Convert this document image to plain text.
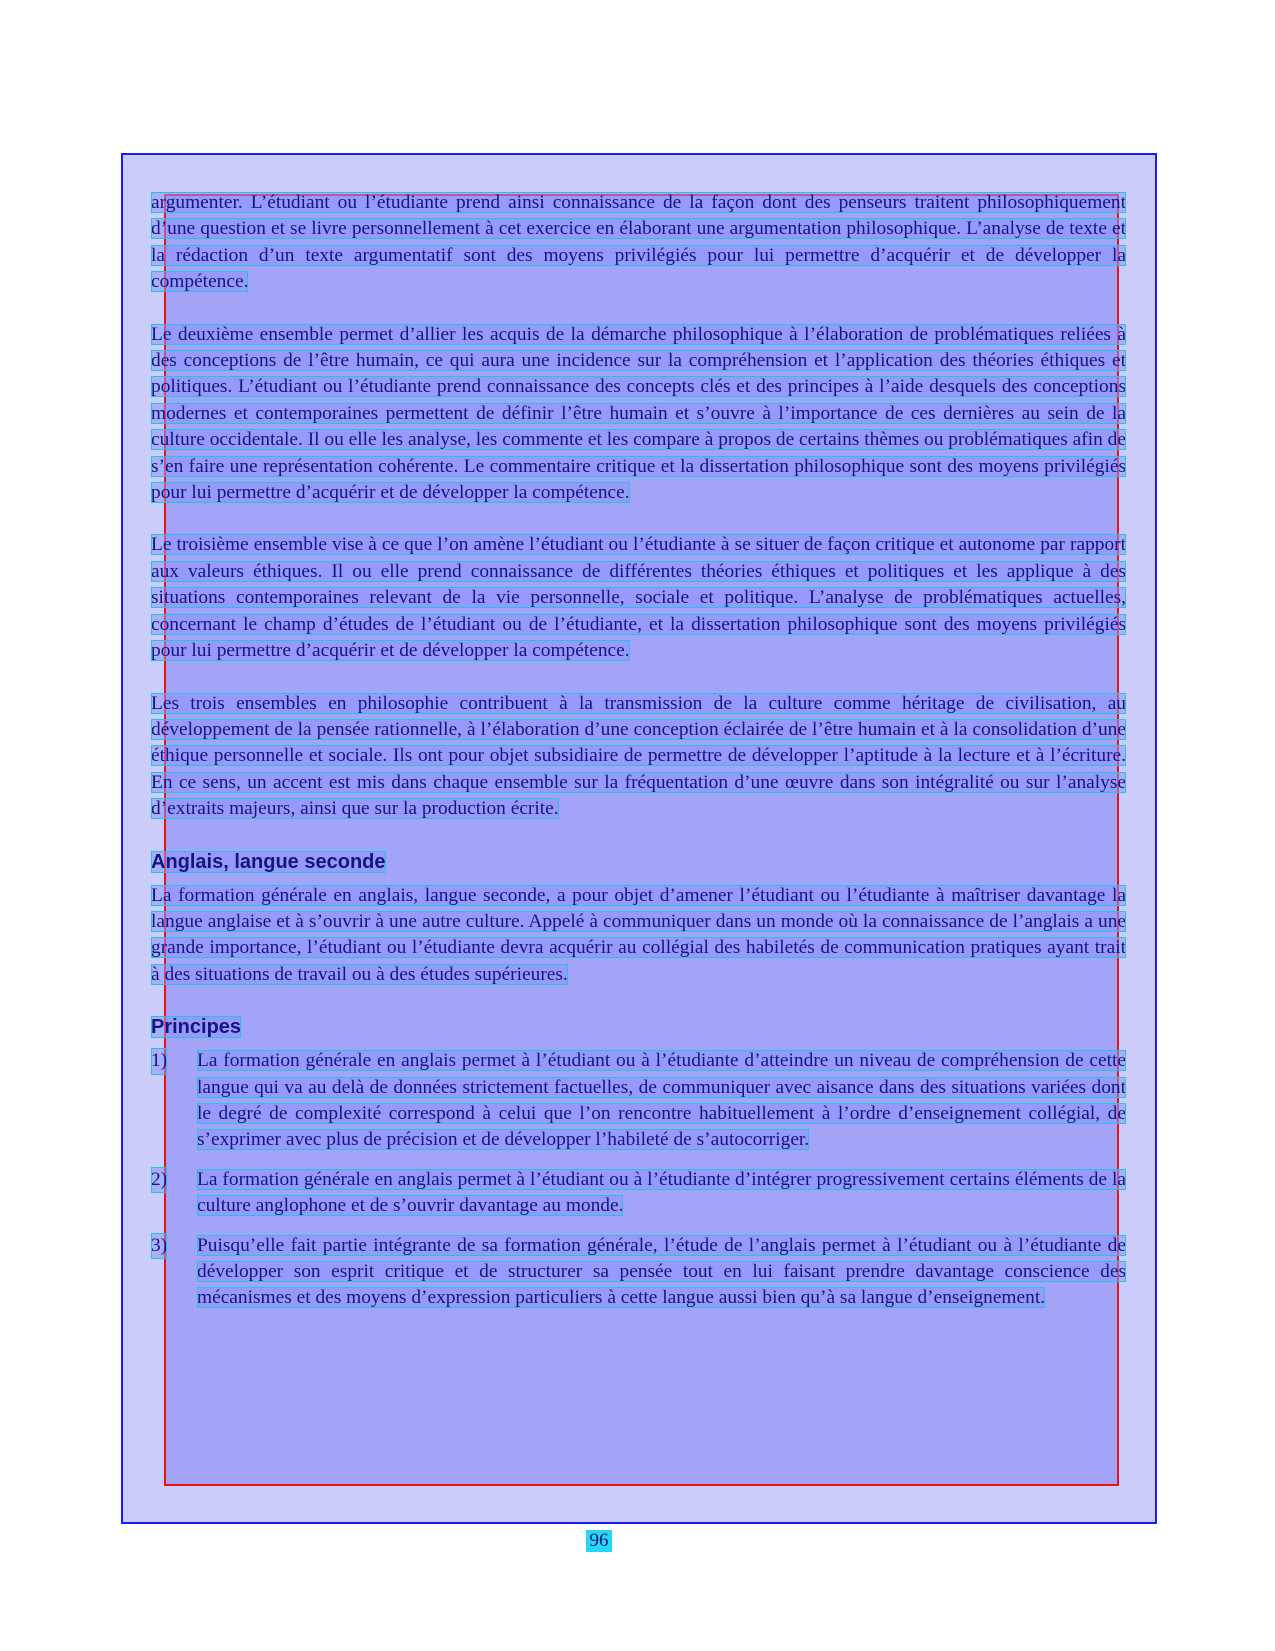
argumenter. L’étudiant ou l’étudiante prend ainsi connaissance de la façon dont des penseurs traitent philosophiquement d’une question et se livre personnellement à cet exercice en élaborant une argumentation philosophique. L’analyse de texte et la rédaction d’un texte argumentatif sont des moyens privilégiés pour lui permettre d’acquérir et de développer la compétence.

Le deuxième ensemble permet d’allier les acquis de la démarche philosophique à l’élaboration de problématiques reliées à des conceptions de l’être humain, ce qui aura une incidence sur la compréhension et l’application des théories éthiques et politiques. L’étudiant ou l’étudiante prend connaissance des concepts clés et des principes à l’aide desquels des conceptions modernes et contemporaines permettent de définir l’être humain et s’ouvre à l’importance de ces dernières au sein de la culture occidentale. Il ou elle les analyse, les commente et les compare à propos de certains thèmes ou problématiques afin de s’en faire une représentation cohérente. Le commentaire critique et la dissertation philosophique sont des moyens privilégiés pour lui permettre d’acquérir et de développer la compétence.

Le troisième ensemble vise à ce que l’on amène l’étudiant ou l’étudiante à se situer de façon critique et autonome par rapport aux valeurs éthiques. Il ou elle prend connaissance de différentes théories éthiques et politiques et les applique à des situations contemporaines relevant de la vie personnelle, sociale et politique. L’analyse de problématiques actuelles, concernant le champ d’études de l’étudiant ou de l’étudiante, et la dissertation philosophique sont des moyens privilégiés pour lui permettre d’acquérir et de développer la compétence.

Les trois ensembles en philosophie contribuent à la transmission de la culture comme héritage de civilisation, au développement de la pensée rationnelle, à l’élaboration d’une conception éclairée de l’être humain et à la consolidation d’une éthique personnelle et sociale. Ils ont pour objet subsidiaire de permettre de développer l’aptitude à la lecture et à l’écriture. En ce sens, un accent est mis dans chaque ensemble sur la fréquentation d’une œuvre dans son intégralité ou sur l’analyse d’extraits majeurs, ainsi que sur la production écrite.

Anglais, langue seconde

La formation générale en anglais, langue seconde, a pour objet d’amener l’étudiant ou l’étudiante à maîtriser davantage la langue anglaise et à s’ouvrir à une autre culture. Appelé à communiquer dans un monde où la connaissance de l’anglais a une grande importance, l’étudiant ou l’étudiante devra acquérir au collégial des habiletés de communication pratiques ayant trait à des situations de travail ou à des études supérieures.

Principes
1) La formation générale en anglais permet à l’étudiant ou à l’étudiante d’atteindre un niveau de compréhension de cette langue qui va au delà de données strictement factuelles, de communiquer avec aisance dans des situations variées dont le degré de complexité correspond à celui que l’on rencontre habituellement à l’ordre d’enseignement collégial, de s’exprimer avec plus de précision et de développer l’habileté de s’autocorriger.
2) La formation générale en anglais permet à l’étudiant ou à l’étudiante d’intégrer progressivement certains éléments de la culture anglophone et de s’ouvrir davantage au monde.
3) Puisqu’elle fait partie intégrante de sa formation générale, l’étude de l’anglais permet à l’étudiant ou à l’étudiante de développer son esprit critique et de structurer sa pensée tout en lui faisant prendre davantage conscience des mécanismes et des moyens d’expression particuliers à cette langue aussi bien qu’à sa langue d’enseignement.
96
